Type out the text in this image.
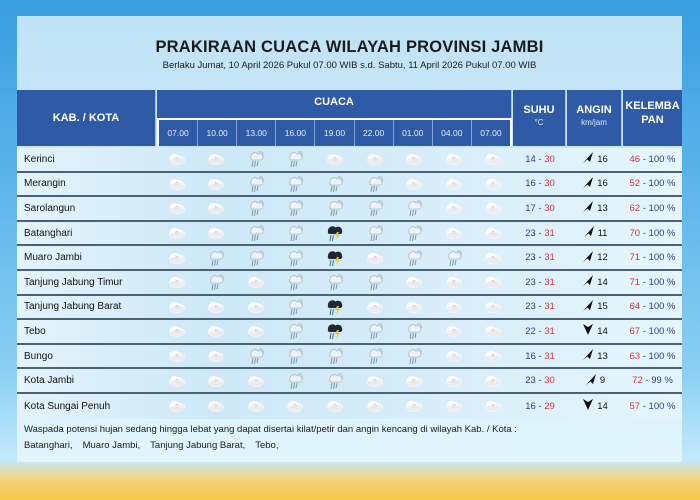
PRAKIRAAN CUACA WILAYAH PROVINSI JAMBI
Berlaku Jumat, 10 April 2026 Pukul 07.00 WIB s.d. Sabtu, 11 April 2026 Pukul 07.00 WIB
KAB. / KOTA
CUACA
07.00	10.00	13.00	16.00	19.00	22.00	01.00	04.00	07.00
SUHU
°C
ANGIN
km/jam
KELEMBA
PAN
Kerinci	14 - 30	16	46 - 100 %
Merangin	16 - 30	16	52 - 100 %
Sarolangun	17 - 30	13	62 - 100 %
Batanghari	23 - 31	11	70 - 100 %
Muaro Jambi	23 - 31	12	71 - 100 %
Tanjung Jabung Timur	23 - 31	14	71 - 100 %
Tanjung Jabung Barat	23 - 31	15	64 - 100 %
Tebo	22 - 31	14	67 - 100 %
Bungo	16 - 31	13	63 - 100 %
Kota Jambi	23 - 30	9	72 - 99 %
Kota Sungai Penuh	16 - 29	14	57 - 100 %
Waspada potensi hujan sedang hingga lebat yang dapat disertai kilat/petir dan angin kencang di wilayah Kab. / Kota :
Batanghari, Muaro Jambi, Tanjung Jabung Barat, Tebo,
